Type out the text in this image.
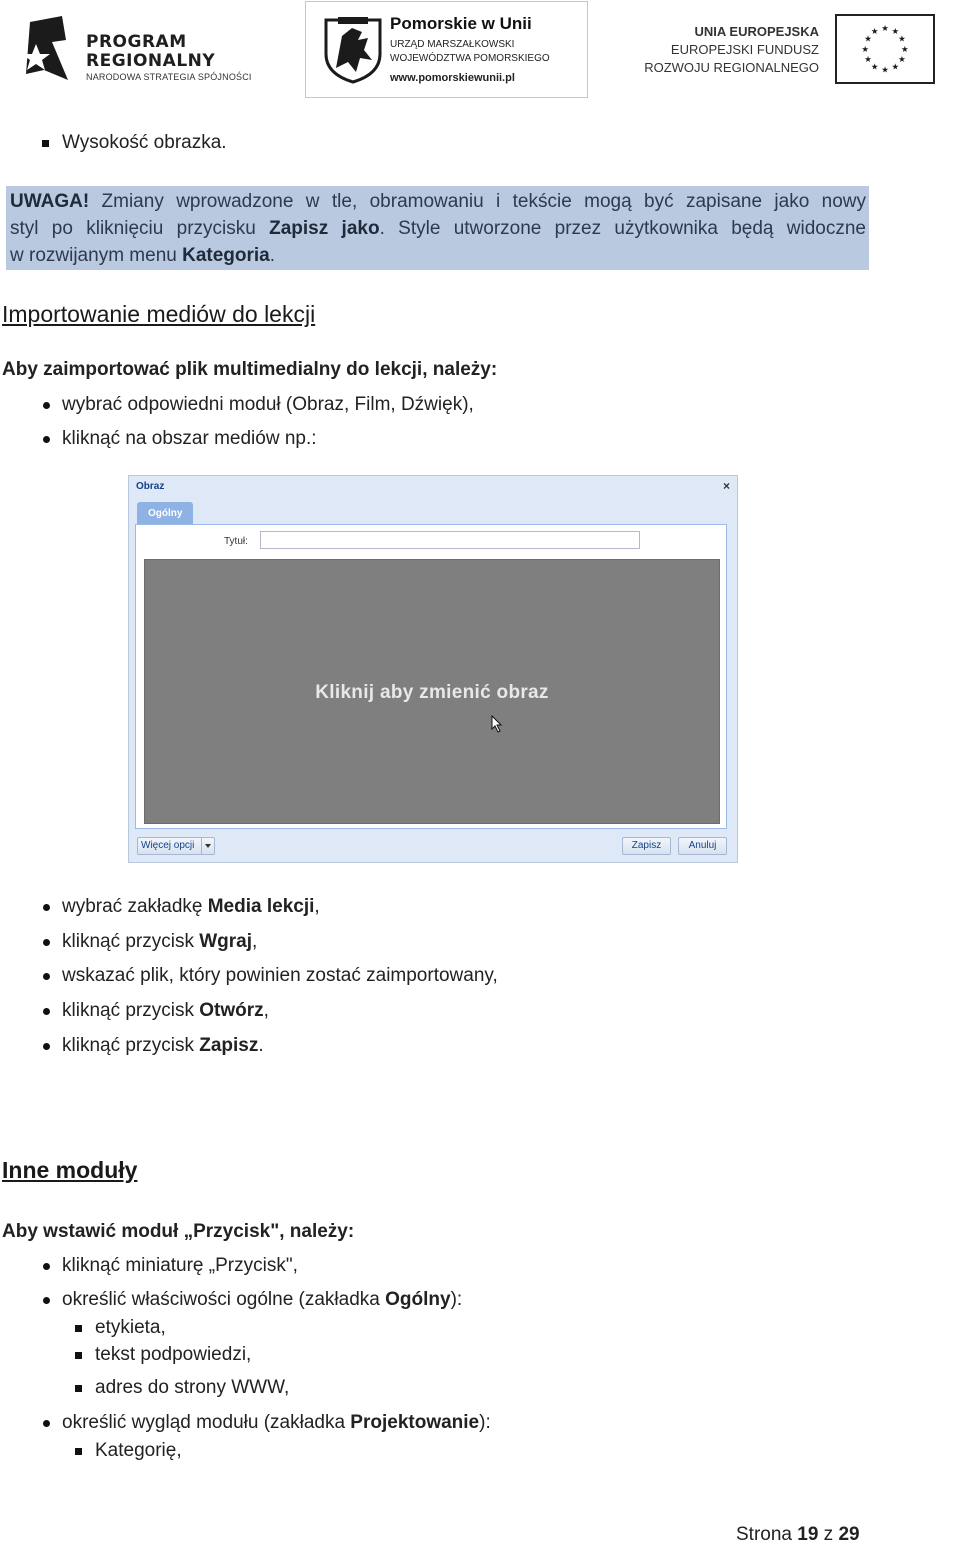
PROGRAM
REGIONALNY
NARODOWA STRATEGIA SPÓJNOŚCI
Pomorskie w Unii
URZĄD MARSZAŁKOWSKI
WOJEWÓDZTWA POMORSKIEGO
www.pomorskiewunii.pl
UNIA EUROPEJSKA
EUROPEJSKI FUNDUSZ
ROZWOJU REGIONALNEGO
★ ★
★
★
★
★
★
★
★
★
★
★
Wysokość obrazka.

UWAGA! Zmiany wprowadzone w tle, obramowaniu i tekście mogą być zapisane jako nowy

styl po kliknięciu przycisku Zapisz jako. Style utworzone przez użytkownika będą widoczne

w rozwijanym menu Kategoria.

Importowanie mediów do lekcji
Aby zaimportować plik multimedialny do lekcji, należy:
wybrać odpowiedni moduł (Obraz, Film, Dźwięk),
kliknąć na obszar mediów np.:
Obraz	×
Ogólny
Tytuł:
Kliknij aby zmienić obraz
Więcej opcji	Zapisz	Anuluj
wybrać zakładkę Media lekcji,
kliknąć przycisk Wgraj,
wskazać plik, który powinien zostać zaimportowany,
kliknąć przycisk Otwórz,
kliknąć przycisk Zapisz.
Inne moduły
Aby wstawić moduł „Przycisk", należy:
kliknąć miniaturę „Przycisk",
określić właściwości ogólne (zakładka Ogólny):
etykieta,
tekst podpowiedzi,
adres do strony WWW,
określić wygląd modułu (zakładka Projektowanie):
Kategorię,
Strona 19 z 29
